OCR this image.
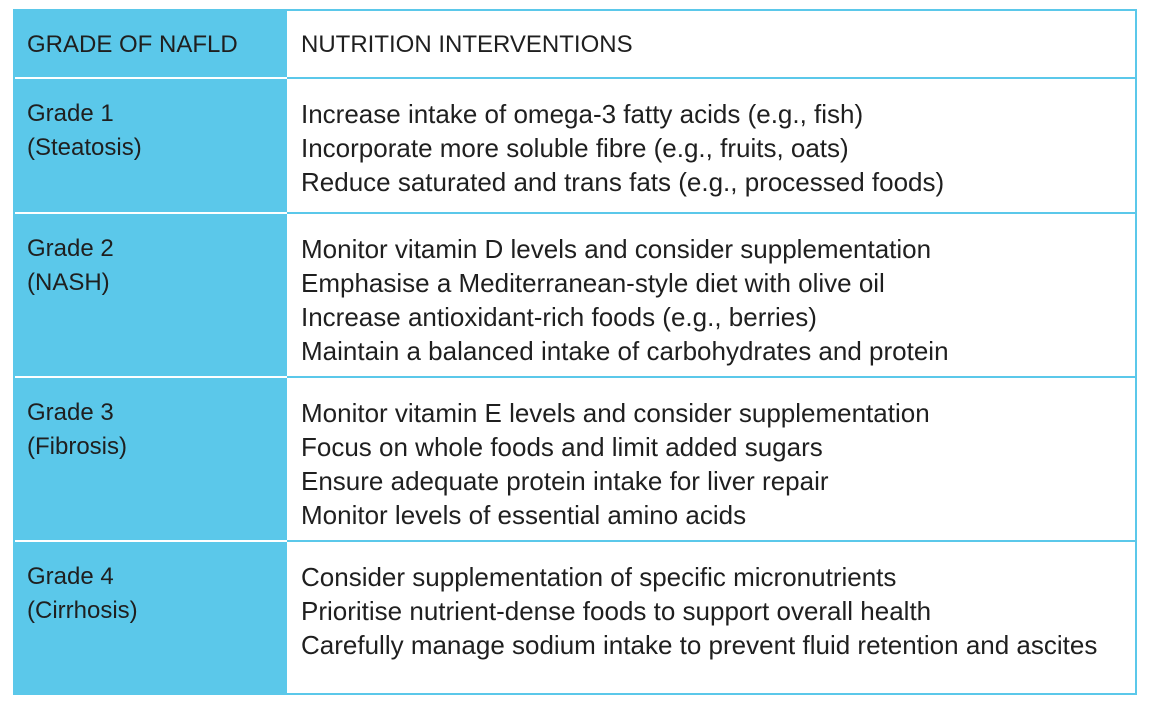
GRADE OF NAFLD	NUTRITION INTERVENTIONS
Grade 1
(Steatosis)
Increase intake of omega-3 fatty acids (e.g., fish)
Incorporate more soluble fibre (e.g., fruits, oats)
Reduce saturated and trans fats (e.g., processed foods)
Grade 2
(NASH)
Monitor vitamin D levels and consider supplementation
Emphasise a Mediterranean-style diet with olive oil
Increase antioxidant-rich foods (e.g., berries)
Maintain a balanced intake of carbohydrates and protein
Grade 3
(Fibrosis)
Monitor vitamin E levels and consider supplementation
Focus on whole foods and limit added sugars
Ensure adequate protein intake for liver repair
Monitor levels of essential amino acids
Grade 4
(Cirrhosis)
Consider supplementation of specific micronutrients
Prioritise nutrient-dense foods to support overall health
Carefully manage sodium intake to prevent fluid retention and ascites
